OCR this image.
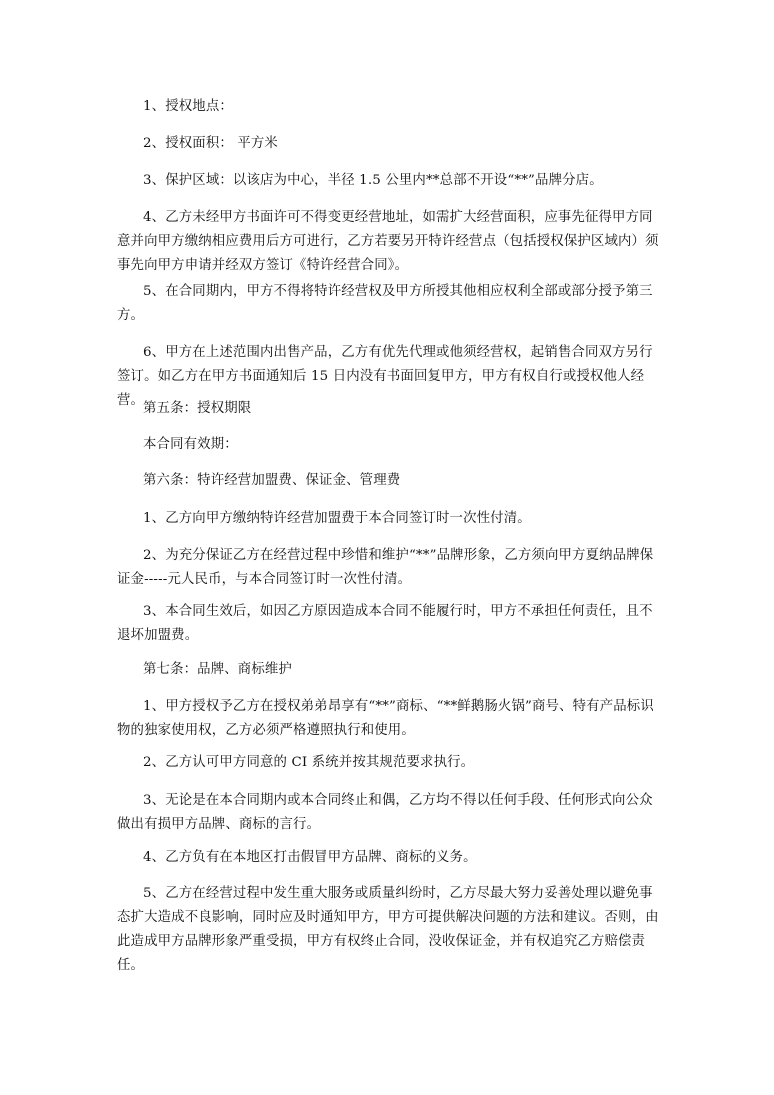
1、授权地点：

2、授权面积： 平方米

3、保护区域：以该店为中心，半径 1.5 公里内**总部不开设“**”品牌分店。

4、乙方未经甲方书面许可不得变更经营地址，如需扩大经营面积，应事先征得甲方同意并向甲方缴纳相应费用后方可进行，乙方若要另开特许经营点（包括授权保护区域内）须事先向甲方申请并经双方签订《特许经营合同》。

5、在合同期内，甲方不得将特许经营权及甲方所授其他相应权利全部或部分授予第三方。

6、甲方在上述范围内出售产品，乙方有优先代理或他须经营权，起销售合同双方另行签订。如乙方在甲方书面通知后 15 日内没有书面回复甲方，甲方有权自行或授权他人经营。

第五条：授权期限

本合同有效期：

第六条：特许经营加盟费、保证金、管理费

1、乙方向甲方缴纳特许经营加盟费于本合同签订时一次性付清。

2、为充分保证乙方在经营过程中珍惜和维护“**”品牌形象，乙方须向甲方夏纳品牌保证金-----元人民币，与本合同签订时一次性付清。

3、本合同生效后，如因乙方原因造成本合同不能履行时，甲方不承担任何责任，且不退坏加盟费。

第七条：品牌、商标维护

1、甲方授权予乙方在授权弟弟昂享有“**”商标、“**鲜鹅肠火锅”商号、特有产品标识物的独家使用权，乙方必须严格遵照执行和使用。

2、乙方认可甲方同意的 CI 系统并按其规范要求执行。

3、无论是在本合同期内或本合同终止和偶，乙方均不得以任何手段、任何形式向公众做出有损甲方品牌、商标的言行。

4、乙方负有在本地区打击假冒甲方品牌、商标的义务。

5、乙方在经营过程中发生重大服务或质量纠纷时，乙方尽最大努力妥善处理以避免事态扩大造成不良影响，同时应及时通知甲方，甲方可提供解决问题的方法和建议。否则，由此造成甲方品牌形象严重受损，甲方有权终止合同，没收保证金，并有权追究乙方赔偿责任。
